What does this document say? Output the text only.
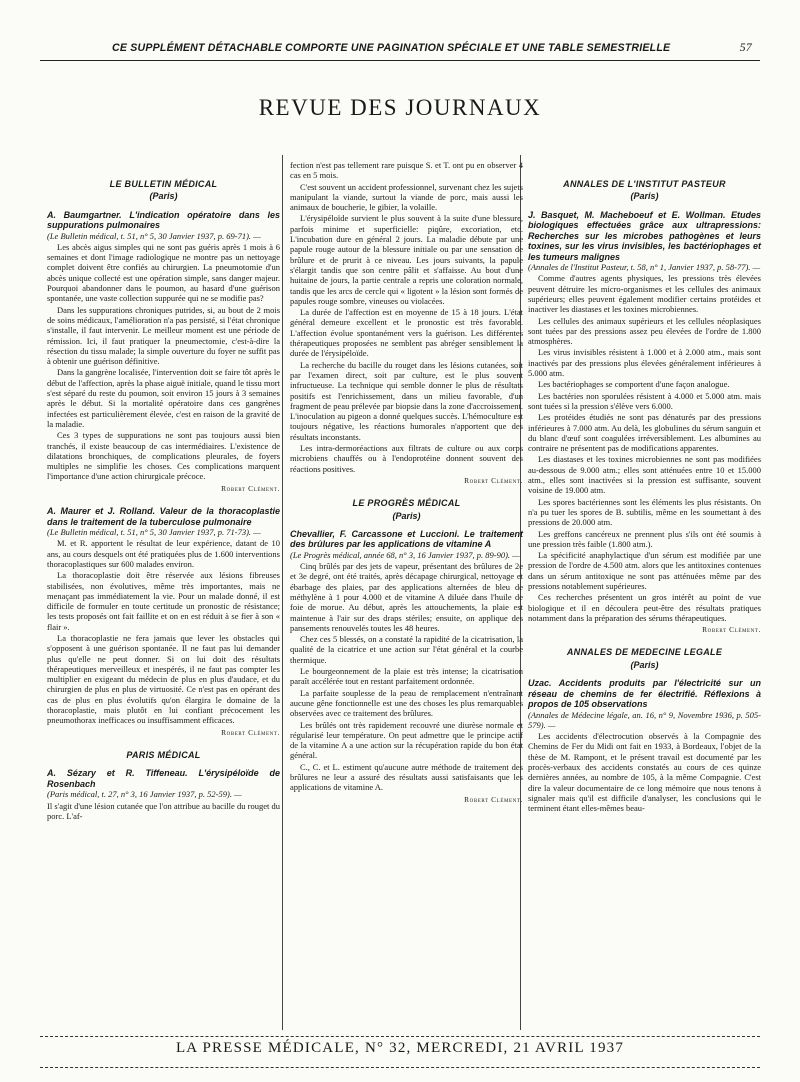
CE SUPPLÉMENT DÉTACHABLE COMPORTE UNE PAGINATION SPÉCIALE ET UNE TABLE SEMESTRIELLE	57
REVUE DES JOURNAUX
LE BULLETIN MÉDICAL
(Paris)
A. Baumgartner. L'indication opératoire dans les suppurations pulmonaires

(Le Bulletin médical, t. 51, n° 5, 30 Janvier 1937, p. 69-71). —

Les abcès aigus simples qui ne sont pas guéris après 1 mois à 6 semaines et dont l'image radiologique ne montre pas un nettoyage complet doivent être confiés au chirurgien. La pneumotomie d'un abcès unique collecté est une opération simple, sans danger majeur. Pourquoi abandonner dans le poumon, au hasard d'une guérison spontanée, une vaste collection suppurée qui ne se modifie pas?

Dans les suppurations chroniques putrides, si, au bout de 2 mois de soins médicaux, l'amélioration n'a pas persisté, si l'état chronique s'installe, il faut intervenir. Le meilleur moment est une période de rémission. Ici, il faut pratiquer la pneumectomie, c'est-à-dire la résection du tissu malade; la simple ouverture du foyer ne suffit pas à obtenir une guérison définitive.

Dans la gangrène localisée, l'intervention doit se faire tôt après le début de l'affection, après la phase aiguë initiale, quand le tissu mort s'est séparé du reste du poumon, soit environ 15 jours à 3 semaines après le début. Si la mortalité opératoire dans ces gangrènes infectées est particulièrement élevée, c'est en raison de la gravité de la maladie.

Ces 3 types de suppurations ne sont pas toujours aussi bien tranchés, il existe beaucoup de cas intermédiaires. L'existence de dilatations bronchiques, de complications pleurales, de foyers multiples ne simplifie les choses. Ces complications marquent l'importance d'une action chirurgicale précoce.

Robert Clément.
A. Maurer et J. Rolland. Valeur de la thoracoplastie dans le traitement de la tuberculose pulmonaire

(Le Bulletin médical, t. 51, n° 5, 30 Janvier 1937, p. 71-73). —

M. et R. apportent le résultat de leur expérience, datant de 10 ans, au cours desquels ont été pratiquées plus de 1.600 interventions thoracoplastiques sur 600 malades environ.

La thoracoplastie doit être réservée aux lésions fibreuses stabilisées, non évolutives, même très importantes, mais ne menaçant pas immédiatement la vie. Pour un malade donné, il est difficile de formuler en toute certitude un pronostic de résistance; les tests proposés ont fait faillite et on en est réduit à se fier à son « flair ».

La thoracoplastie ne fera jamais que lever les obstacles qui s'opposent à une guérison spontanée. Il ne faut pas lui demander plus qu'elle ne peut donner. Si on lui doit des résultats thérapeutiques merveilleux et inespérés, il ne faut pas compter les multiplier en exigeant du médecin de plus en plus d'audace, et du chirurgien de plus en plus de virtuosité. Ce n'est pas en opérant des cas de plus en plus évolutifs qu'on élargira le domaine de la thoracoplastie, mais plutôt en lui confiant précocement les pneumothorax inefficaces ou insuffisamment efficaces.

Robert Clément.
PARIS MÉDICAL
A. Sézary et R. Tiffeneau. L'érysipéloïde de Rosenbach

(Paris médical, t. 27, n° 3, 16 Janvier 1937, p. 52-59). —

Il s'agit d'une lésion cutanée que l'on attribue au bacille du rouget du porc. L'af-

fection n'est pas tellement rare puisque S. et T. ont pu en observer 4 cas en 5 mois.

C'est souvent un accident professionnel, survenant chez les sujets manipulant la viande, surtout la viande de porc, mais aussi les animaux de boucherie, le gibier, la volaille.

L'érysipéloïde survient le plus souvent à la suite d'une blessure, parfois minime et superficielle: piqûre, excoriation, etc. L'incubation dure en général 2 jours. La maladie débute par une papule rouge autour de la blessure initiale ou par une sensation de brûlure et de prurit à ce niveau. Les jours suivants, la papule s'élargit tandis que son centre pâlit et s'affaisse. Au bout d'une huitaine de jours, la partie centrale a repris une coloration normale, tandis que les arcs de cercle qui « ligotent » la lésion sont formés de papules rouge sombre, vineuses ou violacées.

La durée de l'affection est en moyenne de 15 à 18 jours. L'état général demeure excellent et le pronostic est très favorable. L'affection évolue spontanément vers la guérison. Les différentes thérapeutiques proposées ne semblent pas abréger sensiblement la durée de l'érysipéloïde.

La recherche du bacille du rouget dans les lésions cutanées, soit par l'examen direct, soit par culture, est le plus souvent infructueuse. La technique qui semble donner le plus de résultats positifs est l'enrichissement, dans un milieu favorable, d'un fragment de peau prélevée par biopsie dans la zone d'accroissement. L'inoculation au pigeon a donné quelques succès. L'hémoculture est toujours négative, les réactions humorales n'apportent que des résultats inconstants.

Les intra-dermoréactions aux filtrats de culture ou aux corps microbiens chauffés ou à l'endoprotéine donnent souvent des réactions positives.

Robert Clément.
LE PROGRÈS MÉDICAL
(Paris)
Chevallier, F. Carcassone et Luccioni. Le traitement des brûlures par les applications de vitamine A

(Le Progrès médical, année 68, n° 3, 16 Janvier 1937, p. 89-90). —

Cinq brûlés par des jets de vapeur, présentant des brûlures de 2e et 3e degré, ont été traités, après décapage chirurgical, nettoyage et ébarbage des plaies, par des applications alternées de bleu de méthylène à 1 pour 4.000 et de vitamine A diluée dans l'huile de foie de morue. Au début, après les attouchements, la plaie est maintenue à l'air sur des draps stériles; ensuite, on applique des pansements renouvelés toutes les 48 heures.

Chez ces 5 blessés, on a constaté la rapidité de la cicatrisation, la qualité de la cicatrice et une action sur l'état général et la courbe thermique.

Le bourgeonnement de la plaie est très intense; la cicatrisation paraît accélérée tout en restant parfaitement ordonnée.

La parfaite souplesse de la peau de remplacement n'entraînant aucune gêne fonctionnelle est une des choses les plus remarquables observées avec ce traitement des brûlures.

Les brûlés ont très rapidement recouvré une diurèse normale et régularisé leur température. On peut admettre que le principe actif de la vitamine A a une action sur la récupération rapide du bon état général.

C., C. et L. estiment qu'aucune autre méthode de traitement des brûlures ne leur a assuré des résultats aussi satisfaisants que les applications de vitamine A.

Robert Clément.
ANNALES DE L'INSTITUT PASTEUR
(Paris)
J. Basquet, M. Macheboeuf et E. Wollman. Etudes biologiques effectuées grâce aux ultrapressions: Recherches sur les microbes pathogènes et leurs toxines, sur les virus invisibles, les bactériophages et les tumeurs malignes

(Annales de l'Institut Pasteur, t. 58, n° 1, Janvier 1937, p. 58-77). —

Comme d'autres agents physiques, les pressions très élevées peuvent détruire les micro-organismes et les cellules des animaux supérieurs; elles peuvent également modifier certains protéides et inactiver les diastases et les toxines microbiennes.

Les cellules des animaux supérieurs et les cellules néoplasiques sont tuées par des pressions assez peu élevées de l'ordre de 1.800 atmosphères.

Les virus invisibles résistent à 1.000 et à 2.000 atm., mais sont inactivés par des pressions plus élevées généralement inférieures à 5.000 atm.

Les bactériophages se comportent d'une façon analogue.

Les bactéries non sporulées résistent à 4.000 et 5.000 atm. mais sont tuées si la pression s'élève vers 6.000.

Les protéides étudiés ne sont pas dénaturés par des pressions inférieures à 7.000 atm. Au delà, les globulines du sérum sanguin et du blanc d'œuf sont coagulées irréversiblement. Les albumines au contraire ne présentent pas de modifications apparentes.

Les diastases et les toxines microbiennes ne sont pas modifiées au-dessous de 9.000 atm.; elles sont atténuées entre 10 et 15.000 atm., elles sont inactivées si la pression est suffisante, souvent voisine de 19.000 atm.

Les spores bactériennes sont les éléments les plus résistants. On n'a pu tuer les spores de B. subtilis, même en les soumettant à des pressions de 20.000 atm.

Les greffons cancéreux ne prennent plus s'ils ont été soumis à une pression très faible (1.800 atm.).

La spécificité anaphylactique d'un sérum est modifiée par une pression de l'ordre de 4.500 atm. alors que les antitoxines contenues dans un sérum antitoxique ne sont pas atténuées même par des pressions notablement supérieures.

Ces recherches présentent un gros intérêt au point de vue biologique et il en découlera peut-être des résultats pratiques notamment dans la préparation des sérums thérapeutiques.

Robert Clément.
ANNALES DE MEDECINE LEGALE
(Paris)
Uzac. Accidents produits par l'électricité sur un réseau de chemins de fer électrifié. Réflexions à propos de 105 observations

(Annales de Médecine légale, an. 16, n° 9, Novembre 1936, p. 505-579). —

Les accidents d'électrocution observés à la Compagnie des Chemins de Fer du Midi ont fait en 1933, à Bordeaux, l'objet de la thèse de M. Rampont, et le présent travail est documenté par les procès-verbaux des accidents constatés au cours de ces quinze dernières années, au nombre de 105, à la même Compagnie. C'est dire la valeur documentaire de ce long mémoire que nous tenons à signaler mais qu'il est difficile d'analyser, les conclusions qui le terminent étant elles-mêmes beau-

LA PRESSE MÉDICALE, N° 32, MERCREDI, 21 AVRIL 1937
